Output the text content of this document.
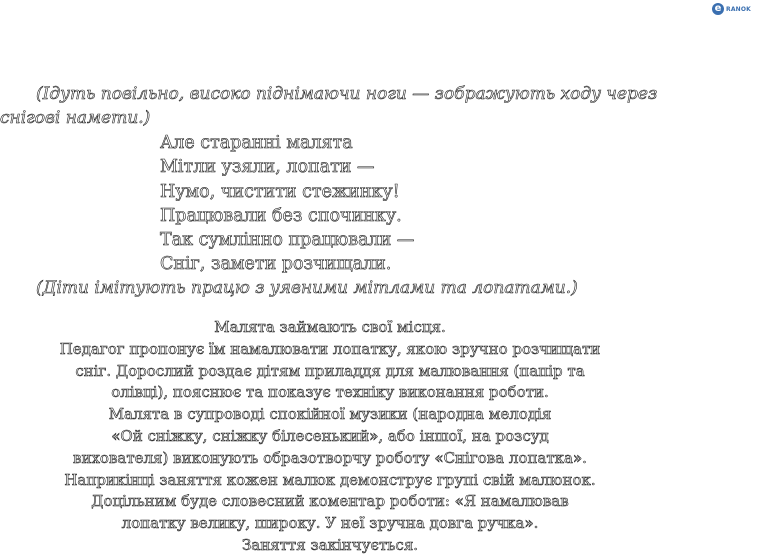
e RANOK
(Ідуть повільно, високо піднімаючи ноги — зображують ходу через
снігові намети.)
Але старанні малята
Мітли узяли, лопати —
Нумо, чистити стежинку!
Працювали без спочинку.
Так сумлінно працювали —
Сніг, замети розчищали.
(Діти імітують працю з уявними мітлами та лопатами.)
Малята займають свої місця.
Педагог пропонує їм намалювати лопатку, якою зручно розчищати
сніг. Дорослий роздає дітям приладдя для малювання (папір та
олівці), пояснює та показує техніку виконання роботи.
Малята в супроводі спокійної музики (народна мелодія
«Ой сніжку, сніжку білесенький», або іншої, на розсуд
вихователя) виконують образотворчу роботу «Снігова лопатка».
Наприкінці заняття кожен малюк демонструє групі свій малюнок.
Доцільним буде словесний коментар роботи: «Я намалював
лопатку велику, широку. У неї зручна довга ручка».
Заняття закінчується.
